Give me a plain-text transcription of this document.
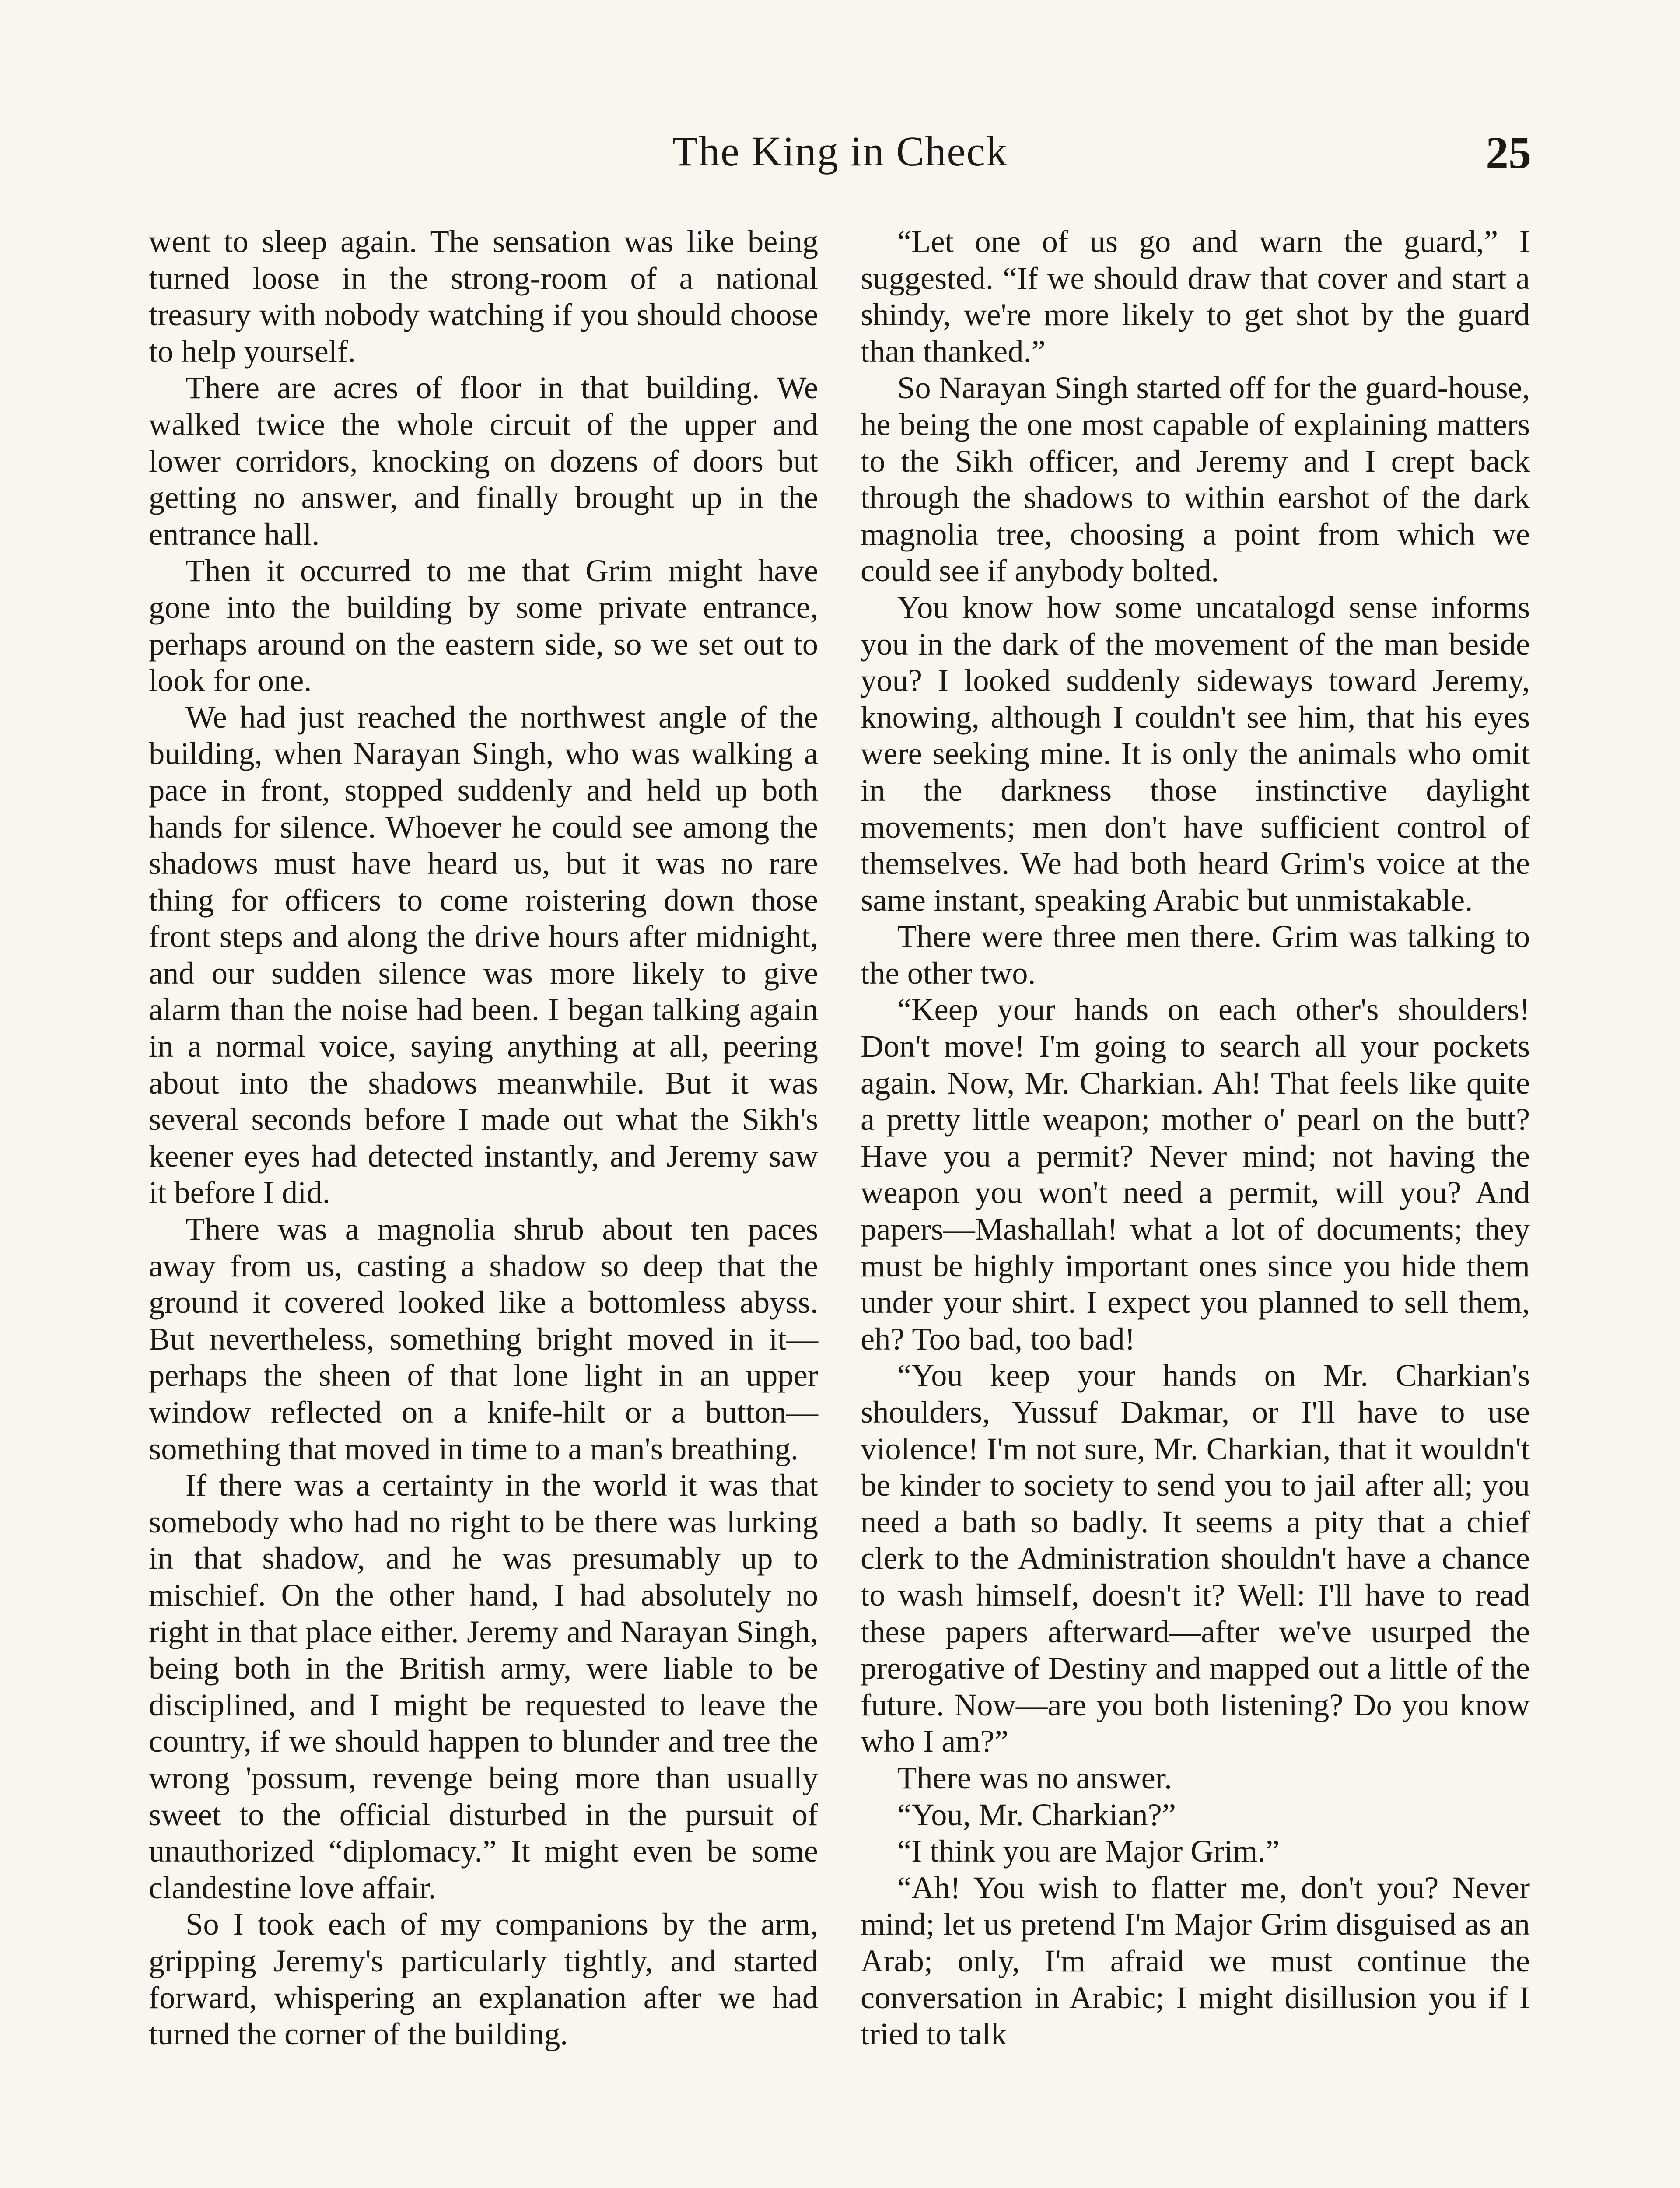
The King in Check	25

went to sleep again. The sensation was like being turned loose in the strong-room of a national treasury with nobody watching if you should choose to help yourself.

There are acres of floor in that building. We walked twice the whole circuit of the upper and lower corridors, knocking on dozens of doors but getting no answer, and finally brought up in the entrance hall.

Then it occurred to me that Grim might have gone into the building by some private entrance, perhaps around on the eastern side, so we set out to look for one.

We had just reached the northwest angle of the building, when Narayan Singh, who was walking a pace in front, stopped suddenly and held up both hands for silence. Whoever he could see among the shadows must have heard us, but it was no rare thing for officers to come roistering down those front steps and along the drive hours after midnight, and our sudden silence was more likely to give alarm than the noise had been. I began talking again in a normal voice, saying anything at all, peering about into the shadows meanwhile. But it was several seconds before I made out what the Sikh's keener eyes had detected instantly, and Jeremy saw it before I did.

There was a magnolia shrub about ten paces away from us, casting a shadow so deep that the ground it covered looked like a bottomless abyss. But nevertheless, something bright moved in it—perhaps the sheen of that lone light in an upper window reflected on a knife-hilt or a button—something that moved in time to a man's breathing.

If there was a certainty in the world it was that somebody who had no right to be there was lurking in that shadow, and he was presumably up to mischief. On the other hand, I had absolutely no right in that place either. Jeremy and Narayan Singh, being both in the British army, were liable to be disciplined, and I might be requested to leave the country, if we should happen to blunder and tree the wrong 'possum, revenge being more than usually sweet to the official disturbed in the pursuit of unauthorized “diplomacy.” It might even be some clandestine love affair.

So I took each of my companions by the arm, gripping Jeremy's particularly tightly, and started forward, whispering an explanation after we had turned the corner of the building.

“Let one of us go and warn the guard,” I suggested. “If we should draw that cover and start a shindy, we're more likely to get shot by the guard than thanked.”

So Narayan Singh started off for the guard-house, he being the one most capable of explaining matters to the Sikh officer, and Jeremy and I crept back through the shadows to within earshot of the dark magnolia tree, choosing a point from which we could see if anybody bolted.

You know how some uncatalogd sense informs you in the dark of the movement of the man beside you? I looked suddenly sideways toward Jeremy, knowing, although I couldn't see him, that his eyes were seeking mine. It is only the animals who omit in the darkness those instinctive daylight movements; men don't have sufficient control of themselves. We had both heard Grim's voice at the same instant, speaking Arabic but unmistakable.

There were three men there. Grim was talking to the other two.

“Keep your hands on each other's shoulders! Don't move! I'm going to search all your pockets again. Now, Mr. Charkian. Ah! That feels like quite a pretty little weapon; mother o' pearl on the butt? Have you a permit? Never mind; not having the weapon you won't need a permit, will you? And papers—Mashallah! what a lot of documents; they must be highly important ones since you hide them under your shirt. I expect you planned to sell them, eh? Too bad, too bad!

“You keep your hands on Mr. Charkian's shoulders, Yussuf Dakmar, or I'll have to use violence! I'm not sure, Mr. Charkian, that it wouldn't be kinder to society to send you to jail after all; you need a bath so badly. It seems a pity that a chief clerk to the Administration shouldn't have a chance to wash himself, doesn't it? Well: I'll have to read these papers afterward—after we've usurped the prerogative of Destiny and mapped out a little of the future. Now—are you both listening? Do you know who I am?”

There was no answer.

“You, Mr. Charkian?”

“I think you are Major Grim.”

“Ah! You wish to flatter me, don't you? Never mind; let us pretend I'm Major Grim disguised as an Arab; only, I'm afraid we must continue the conversation in Arabic; I might disillusion you if I tried to talk
